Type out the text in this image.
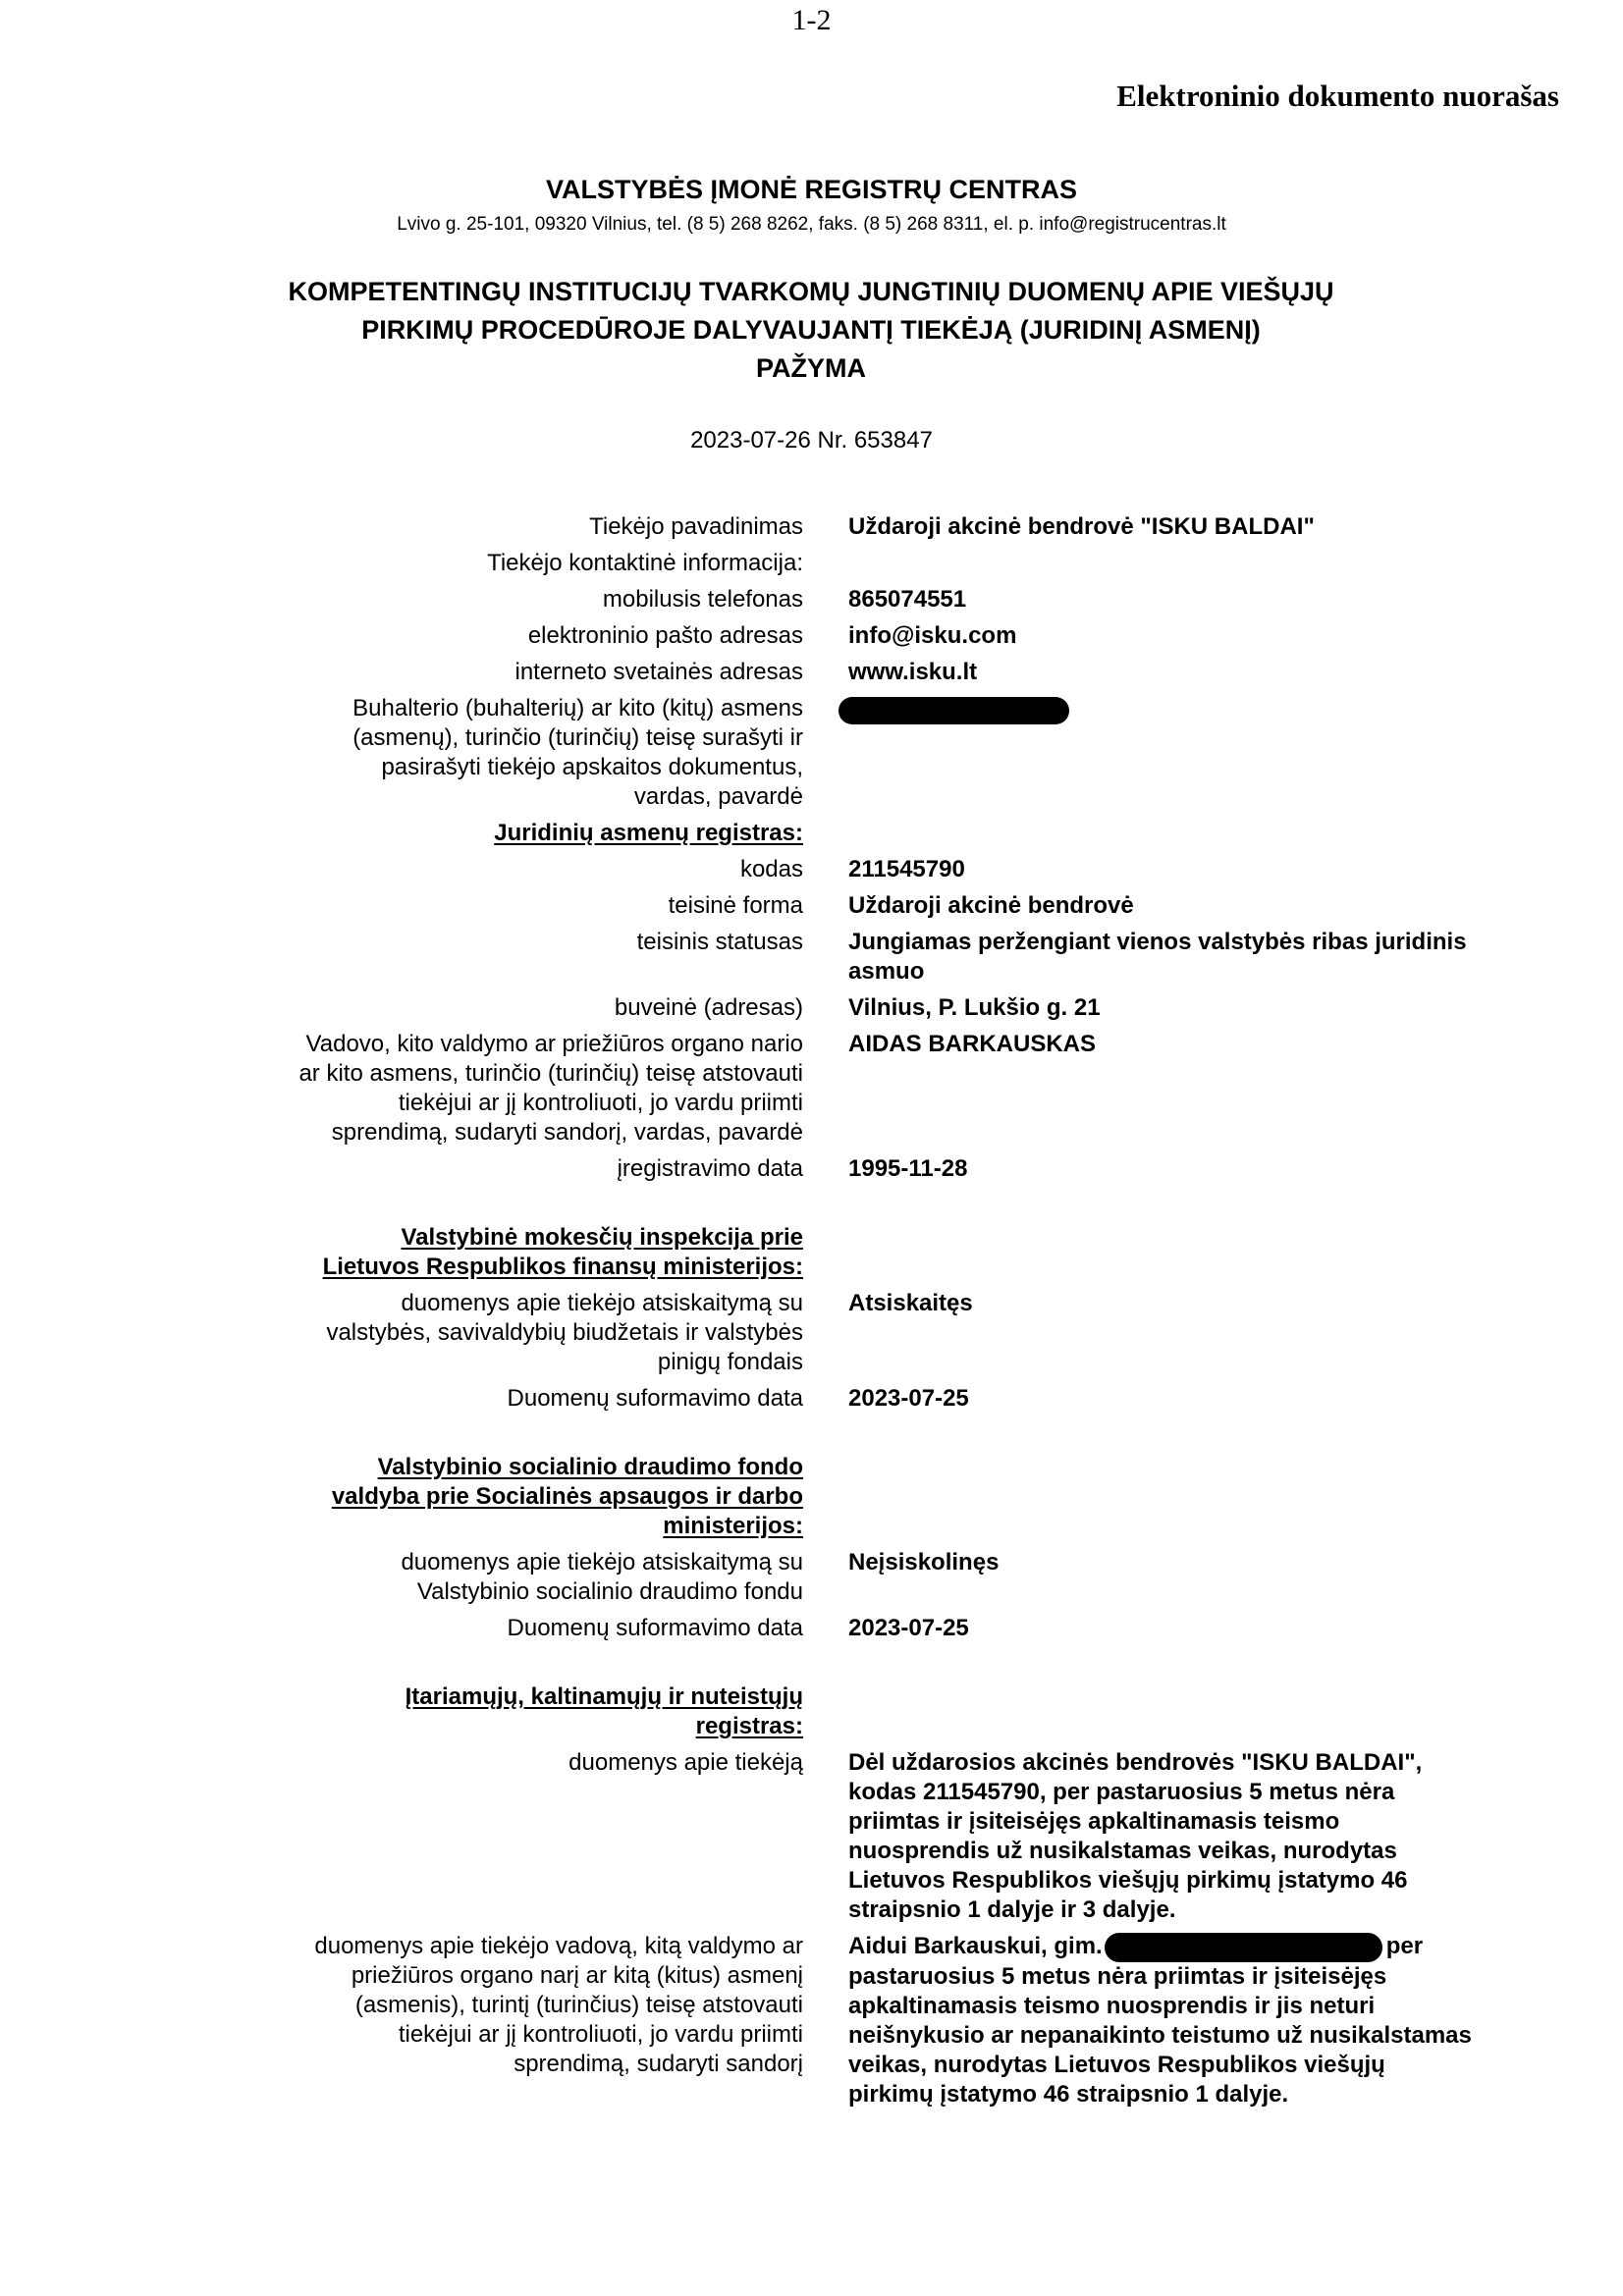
1-2
Elektroninio dokumento nuorašas
VALSTYBĖS ĮMONĖ REGISTRŲ CENTRAS
Lvivo g. 25-101, 09320 Vilnius, tel. (8 5) 268 8262, faks. (8 5) 268 8311, el. p. info@registrucentras.lt
KOMPETENTINGŲ INSTITUCIJŲ TVARKOMŲ JUNGTINIŲ DUOMENŲ APIE VIEŠŲJŲ
PIRKIMŲ PROCEDŪROJE DALYVAUJANTĮ TIEKĖJĄ (JURIDINĮ ASMENĮ)
PAŽYMA
2023-07-26 Nr. 653847
Tiekėjo pavadinimas Uždaroji akcinė bendrovė "ISKU BALDAI"
Tiekėjo kontaktinė informacija:
mobilusis telefonas 865074551
elektroninio pašto adresas info@isku.com
interneto svetainės adresas www.isku.lt
Buhalterio (buhalterių) ar kito (kitų) asmens
(asmenų), turinčio (turinčių) teisę surašyti ir
pasirašyti tiekėjo apskaitos dokumentus,
vardas, pavardė
Juridinių asmenų registras:
kodas 211545790
teisinė forma Uždaroji akcinė bendrovė
teisinis statusas Jungiamas peržengiant vienos valstybės ribas juridinis
asmuo
buveinė (adresas) Vilnius, P. Lukšio g. 21
Vadovo, kito valdymo ar priežiūros organo nario
ar kito asmens, turinčio (turinčių) teisę atstovauti
tiekėjui ar jį kontroliuoti, jo vardu priimti
sprendimą, sudaryti sandorį, vardas, pavardė
AIDAS BARKAUSKAS
įregistravimo data 1995-11-28
Valstybinė mokesčių inspekcija prie
Lietuvos Respublikos finansų ministerijos:
duomenys apie tiekėjo atsiskaitymą su
valstybės, savivaldybių biudžetais ir valstybės
pinigų fondais
Atsiskaitęs
Duomenų suformavimo data 2023-07-25
Valstybinio socialinio draudimo fondo
valdyba prie Socialinės apsaugos ir darbo
ministerijos:
duomenys apie tiekėjo atsiskaitymą su
Valstybinio socialinio draudimo fondu
Neįsiskolinęs
Duomenų suformavimo data 2023-07-25
Įtariamųjų, kaltinamųjų ir nuteistųjų
registras:
duomenys apie tiekėją Dėl uždarosios akcinės bendrovės "ISKU BALDAI",
kodas 211545790, per pastaruosius 5 metus nėra
priimtas ir įsiteisėjęs apkaltinamasis teismo
nuosprendis už nusikalstamas veikas, nurodytas
Lietuvos Respublikos viešųjų pirkimų įstatymo 46
straipsnio 1 dalyje ir 3 dalyje.
duomenys apie tiekėjo vadovą, kitą valdymo ar
priežiūros organo narį ar kitą (kitus) asmenį
(asmenis), turintį (turinčius) teisę atstovauti
tiekėjui ar jį kontroliuoti, jo vardu priimti
sprendimą, sudaryti sandorį
Aidui Barkauskui, gim.	per
pastaruosius 5 metus nėra priimtas ir įsiteisėjęs
apkaltinamasis teismo nuosprendis ir jis neturi
neišnykusio ar nepanaikinto teistumo už nusikalstamas
veikas, nurodytas Lietuvos Respublikos viešųjų
pirkimų įstatymo 46 straipsnio 1 dalyje.
